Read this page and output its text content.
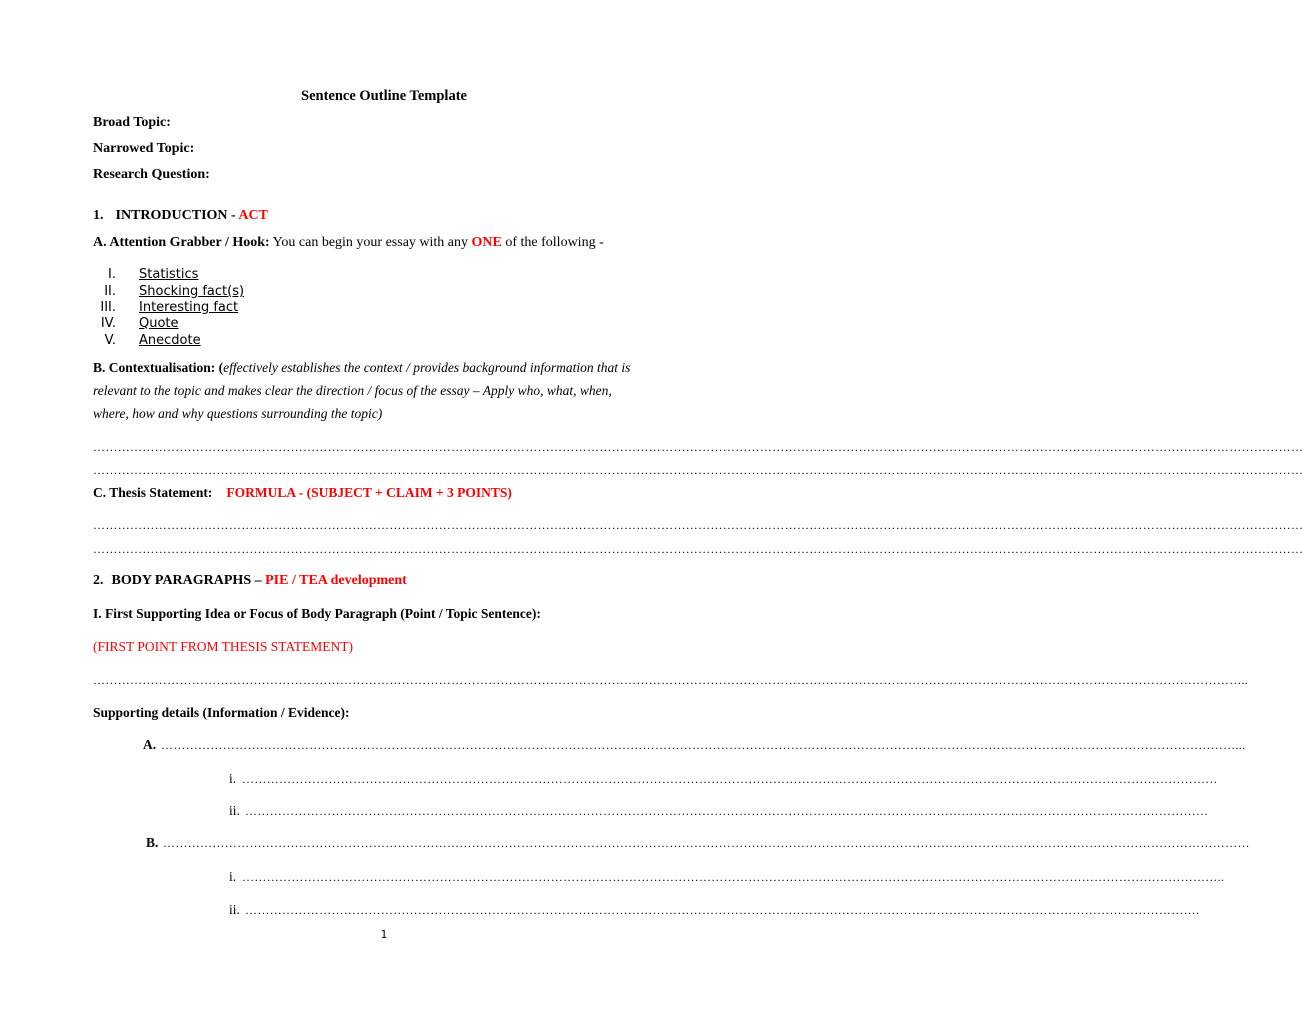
Sentence Outline Template
Broad Topic:
Narrowed Topic:
Research Question:
1. INTRODUCTION - ACT
A. Attention Grabber / Hook: You can begin your essay with any ONE of the following -
I. Statistics
II. Shocking fact(s)
III. Interesting fact
IV. Quote
V. Anecdote
B. Contextualisation: (effectively establishes the context / provides background information that is
relevant to the topic and makes clear the direction / focus of the essay – Apply who, what, when,
where, how and why questions surrounding the topic)
……………………………………………………………………………………………………………………………………………………………………………………………………………………………………………………………………
……………………………………………………………………………………………………………………………………………………………………………………………………………………………………………………………………
C. Thesis Statement: FORMULA - (SUBJECT + CLAIM + 3 POINTS)
……………………………………………………………………………………………………………………………………………………………………………………………………………………………………………………………………
……………………………………………………………………………………………………………………………………………………………………………………………………………………………………………………………………
2. BODY PARAGRAPHS – PIE / TEA development
I. First Supporting Idea or Focus of Body Paragraph (Point / Topic Sentence):
(FIRST POINT FROM THESIS STATEMENT)
………………………………………………………………………………………………………………………………………………………………………………………………………………………………………………………..
Supporting details (Information / Evidence):
A. ………………………………………………………………………………………………………………………………………………………………………………………………………………………………………...
i. …………………………………………………………………………………………………………………………………………………………………………………………………………………
ii. ………………………………………………………………………………………………………………………………………………………………………………………………………………
B. …………………………………………………………………………………………………………………………………………………………………………………………………………………………………………
i. …………………………………………………………………………………………………………………………………………………………………………………………………………………..
ii. …………………………………………………………………………………………………………………………………………………………………………………………………………….
1
